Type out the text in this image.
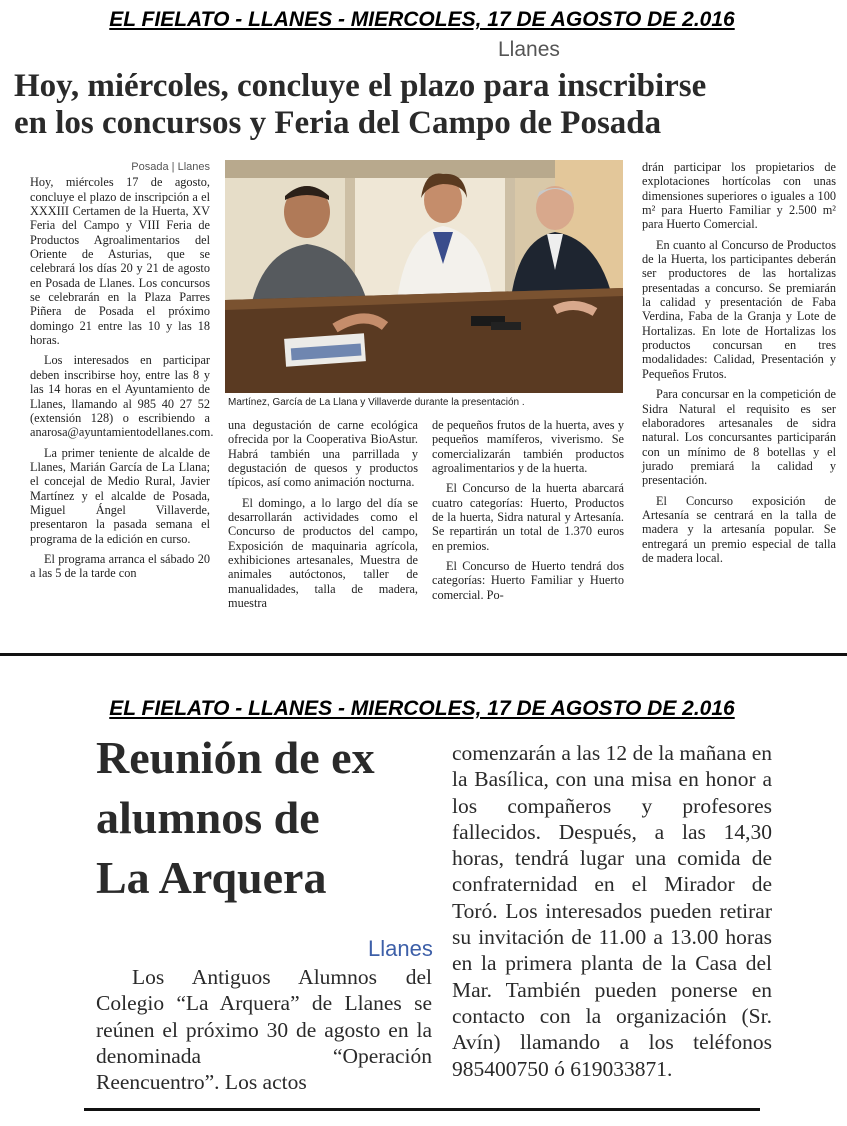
EL FIELATO - LLANES - MIERCOLES, 17 DE AGOSTO DE 2.016
Llanes
Hoy, miércoles, concluye el plazo para inscribirse
en los concursos y Feria del Campo de Posada
Posada | Llanes

Hoy, miércoles 17 de agosto, concluye el plazo de inscripción a el XXXIII Certamen de la Huerta, XV Feria del Campo y VIII Feria de Productos Agroalimentarios del Oriente de Asturias, que se celebrará los días 20 y 21 de agosto en Posada de Llanes. Los concursos se celebrarán en la Plaza Parres Piñera de Posada el próximo domingo 21 entre las 10 y las 18 horas.

Los interesados en participar deben inscribirse hoy, entre las 8 y las 14 horas en el Ayuntamiento de Llanes, llamando al 985 40 27 52 (extensión 128) o escribiendo a anarosa@ayuntamientodellanes.com.

La primer teniente de alcalde de Llanes, Marián García de La Llana; el concejal de Medio Rural, Javier Martínez y el alcalde de Posada, Miguel Ángel Villaverde, presentaron la pasada semana el programa de la edición en curso.

El programa arranca el sábado 20 a las 5 de la tarde con

Martínez, García de La Llana y Villaverde durante la presentación .

una degustación de carne ecológica ofrecida por la Cooperativa BioAstur. Habrá también una parrillada y degustación de quesos y productos típicos, así como animación nocturna.

El domingo, a lo largo del día se desarrollarán actividades como el Concurso de productos del campo, Exposición de maquinaria agrícola, exhibiciones artesanales, Muestra de animales autóctonos, taller de manualidades, talla de madera, muestra

de pequeños frutos de la huerta, aves y pequeños mamíferos, viverismo. Se comercializarán también productos agroalimentarios y de la huerta.

El Concurso de la huerta abarcará cuatro categorías: Huerto, Productos de la huerta, Sidra natural y Artesanía. Se repartirán un total de 1.370 euros en premios.

El Concurso de Huerto tendrá dos categorías: Huerto Familiar y Huerto comercial. Po-

drán participar los propietarios de explotaciones hortícolas con unas dimensiones superiores o iguales a 100 m² para Huerto Familiar y 2.500 m² para Huerto Comercial.

En cuanto al Concurso de Productos de la Huerta, los participantes deberán ser productores de las hortalizas presentadas a concurso. Se premiarán la calidad y presentación de Faba Verdina, Faba de la Granja y Lote de Hortalizas. En lote de Hortalizas los productos concursan en tres modalidades: Calidad, Presentación y Pequeños Frutos.

Para concursar en la competición de Sidra Natural el requisito es ser elaboradores artesanales de sidra natural. Los concursantes participarán con un mínimo de 8 botellas y el jurado premiará la calidad y presentación.

El Concurso exposición de Artesanía se centrará en la talla de madera y la artesanía popular. Se entregará un premio especial de talla de madera local.

EL FIELATO - LLANES - MIERCOLES, 17 DE AGOSTO DE 2.016
Reunión de ex
alumnos de
La Arquera
Llanes

Los Antiguos Alumnos del Colegio “La Arquera” de Llanes se reúnen el próximo 30 de agosto en la denominada “Operación Reencuentro”. Los actos

comenzarán a las 12 de la mañana en la Basílica, con una misa en honor a los compañeros y profesores fallecidos. Después, a las 14,30 horas, tendrá lugar una comida de confraternidad en el Mirador de Toró. Los interesados pueden retirar su invitación de 11.00 a 13.00 horas en la primera planta de la Casa del Mar. También pueden ponerse en contacto con la organización (Sr. Avín) llamando a los teléfonos 985400750 ó 619033871.
